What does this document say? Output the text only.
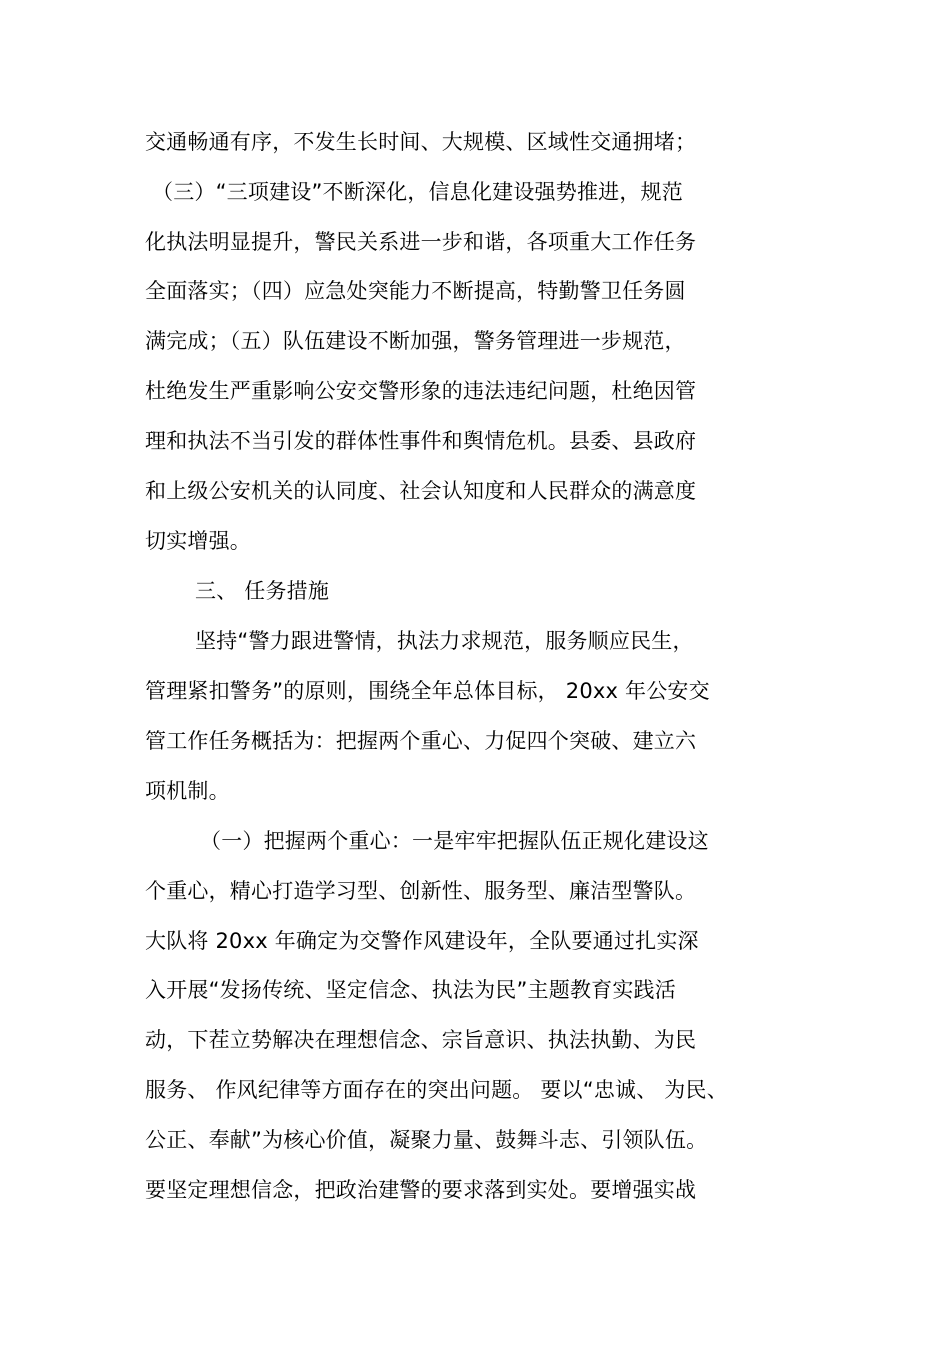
交通畅通有序，不发生长时间、大规模、区域性交通拥堵；
（三）“三项建设”不断深化，信息化建设强势推进，规范
化执法明显提升，警民关系进一步和谐，各项重大工作任务
全面落实；（四）应急处突能力不断提高，特勤警卫任务圆
满完成；（五）队伍建设不断加强，警务管理进一步规范，
杜绝发生严重影响公安交警形象的违法违纪问题，杜绝因管
理和执法不当引发的群体性事件和舆情危机。县委、县政府
和上级公安机关的认同度、社会认知度和人民群众的满意度
切实增强。
三、 任务措施
坚持“警力跟进警情，执法力求规范，服务顺应民生，
管理紧扣警务”的原则，围绕全年总体目标， 20xx 年公安交
管工作任务概括为：把握两个重心、力促四个突破、建立六
项机制。
（一）把握两个重心：一是牢牢把握队伍正规化建设这
个重心，精心打造学习型、创新性、服务型、廉洁型警队。
大队将 20xx 年确定为交警作风建设年，全队要通过扎实深
入开展“发扬传统、坚定信念、执法为民”主题教育实践活
动，下茬立势解决在理想信念、宗旨意识、执法执勤、为民
服务、 作风纪律等方面存在的突出问题。 要以“忠诚、 为民、
公正、奉献”为核心价值，凝聚力量、鼓舞斗志、引领队伍。
要坚定理想信念，把政治建警的要求落到实处。要增强实战
